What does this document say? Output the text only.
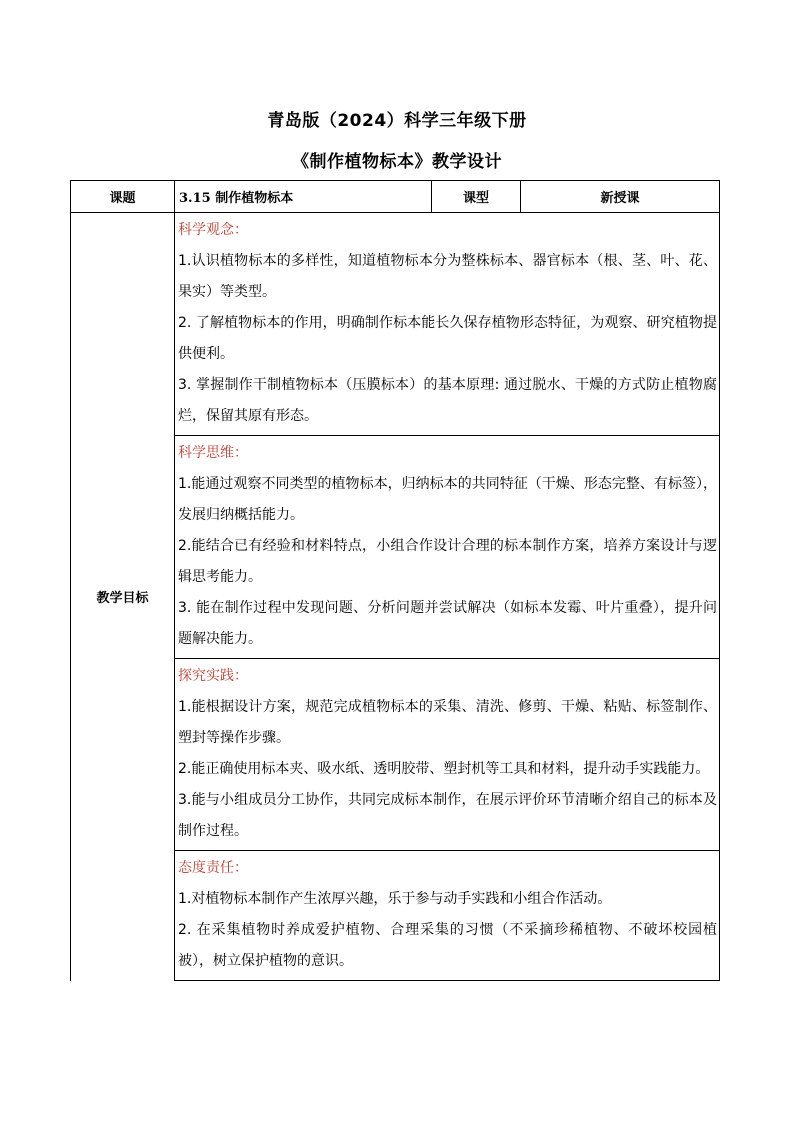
青岛版（2024）科学三年级下册
《制作植物标本》教学设计
课题	3.15 制作植物标本	课型	新授课
教学目标	科学观念：
1.认识植物标本的多样性，知道植物标本分为整株标本、器官标本（根、茎、叶、花、果实）等类型。
2. 了解植物标本的作用，明确制作标本能长久保存植物形态特征，为观察、研究植物提供便利。
3. 掌握制作干制植物标本（压膜标本）的基本原理: 通过脱水、干燥的方式防止植物腐烂，保留其原有形态。		

	科学思维：
1.能通过观察不同类型的植物标本，归纳标本的共同特征（干燥、形态完整、有标签），发展归纳概括能力。
2.能结合已有经验和材料特点，小组合作设计合理的标本制作方案，培养方案设计与逻辑思考能力。
3. 能在制作过程中发现问题、分析问题并尝试解决（如标本发霉、叶片重叠），提升问题解决能力。		

	探究实践：
1.能根据设计方案，规范完成植物标本的采集、清洗、修剪、干燥、粘贴、标签制作、塑封等操作步骤。
2.能正确使用标本夹、吸水纸、透明胶带、塑封机等工具和材料，提升动手实践能力。
3.能与小组成员分工协作，共同完成标本制作，在展示评价环节清晰介绍自己的标本及制作过程。		

	态度责任：
1.对植物标本制作产生浓厚兴趣，乐于参与动手实践和小组合作活动。
2. 在采集植物时养成爱护植物、合理采集的习惯（不采摘珍稀植物、不破坏校园植被），树立保护植物的意识。		
